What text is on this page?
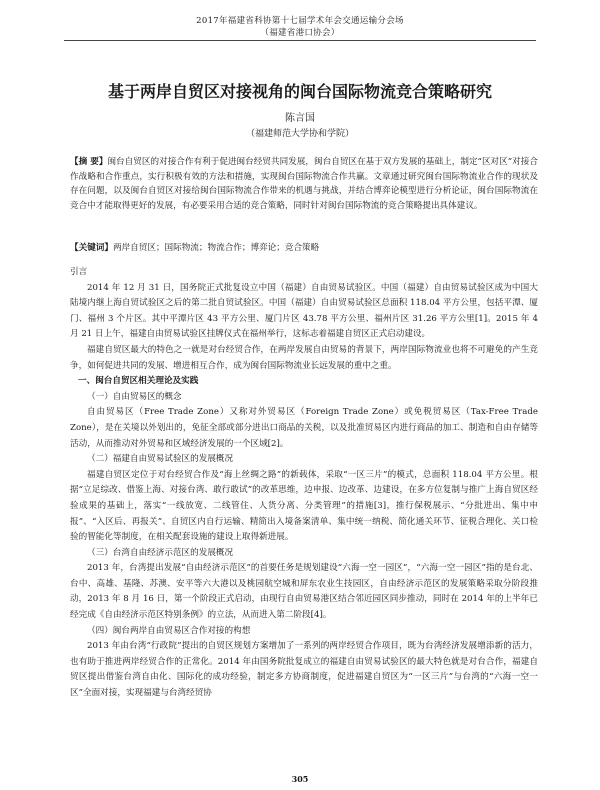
2017年福建省科协第十七届学术年会交通运输分会场
（福建省港口协会）
基于两岸自贸区对接视角的闽台国际物流竞合策略研究
陈言国
（福建师范大学协和学院）
【摘 要】闽台自贸区的对接合作有利于促进闽台经贸共同发展，闽台自贸区在基于双方发展的基础上，制定“区对区”对接合作战略和合作重点，实行积极有效的方法和措施，实现闽台国际物流合作共赢。文章通过研究闽台国际物流业合作的现状及存在问题，以及闽台自贸区对接给闽台国际物流合作带来的机遇与挑战，并结合博弈论模型进行分析论证，闽台国际物流在竞合中才能取得更好的发展，有必要采用合适的竞合策略，同时针对闽台国际物流的竞合策略提出具体建议。
【关键词】两岸自贸区；国际物流；物流合作；博弈论；竞合策略

引言

2014 年 12 月 31 日，国务院正式批复设立中国（福建）自由贸易试验区。中国（福建）自由贸易试验区成为中国大陆境内继上海自贸试验区之后的第二批自贸试验区。中国（福建）自由贸易试验区总面积 118.04 平方公里，包括平潭、厦门、福州 3 个片区。其中平潭片区 43 平方公里、厦门片区 43.78 平方公里、福州片区 31.26 平方公里[1]。2015 年 4 月 21 日上午，福建自由贸易试验区挂牌仪式在福州举行，这标志着福建自贸区正式启动建设。

福建自贸区最大的特色之一就是对台经贸合作，在两岸发展自由贸易的背景下，两岸国际物流业也将不可避免的产生竞争，如何促进共同的发展、增进相互合作，成为闽台国际物流业长远发展的重中之重。

一、闽台自贸区相关理论及实践

（一）自由贸易区的概念

自由贸易区（Free Trade Zone）又称对外贸易区（Foreign Trade Zone）或免税贸易区（Tax-Free Trade Zone），是在关境以外划出的，免征全部或部分进出口商品的关税，以及批准贸易区内进行商品的加工、制造和自由存储等活动，从而推动对外贸易和区域经济发展的一个区域[2]。

（二）福建自由贸易试验区的发展概况

福建自贸区定位于对台经贸合作及“海上丝绸之路”的新载体，采取“一区三片”的模式，总面积 118.04 平方公里。根据“立足综改、借鉴上海、对接台湾、敢行敢试”的改革思维，边申报、边改革、边建设，在多方位复制与推广上海自贸区经验成果的基础上，落实“一线放宽、二线管住、人货分离、分类管理”的措施[3]，推行保税展示、“分批进出、集中申报”、“入区后、再报关”、自贸区内自行运输、精简出入境备案清单、集中统一纳税、简化通关环节、征税合理化、关口检验的智能化等制度，在相关配套设施的建设上取得新进展。

（三）台湾自由经济示范区的发展概况

2013 年，台湾提出发展“自由经济示范区”的首要任务是规划建设“六海一空一园区”，“六海一空一园区”指的是台北、台中、高雄、基隆、苏澳、安平等六大港以及桃园航空城和屏东农业生技园区，自由经济示范区的发展策略采取分阶段推动，2013 年 8 月 16 日，第一个阶段正式启动，由现行自由贸易港区结合邻近园区同步推动，同时在 2014 年的上半年已经完成《自由经济示范区特别条例》的立法，从而进入第二阶段[4]。

（四）闽台两岸自由贸易区合作对接的构想

2013 年由台湾“行政院”提出的自贸区规划方案增加了一系列的两岸经贸合作项目，既为台湾经济发展增添新的活力，也有助于推进两岸经贸合作的正常化。2014 年由国务院批复成立的福建自由贸易试验区的最大特色就是对台合作，福建自贸区提出借鉴台湾自由化、国际化的成功经验，制定多方协商制度，促进福建自贸区为“一区三片”与台湾的“六海一空一区”全面对接，实现福建与台湾经贸协

305
